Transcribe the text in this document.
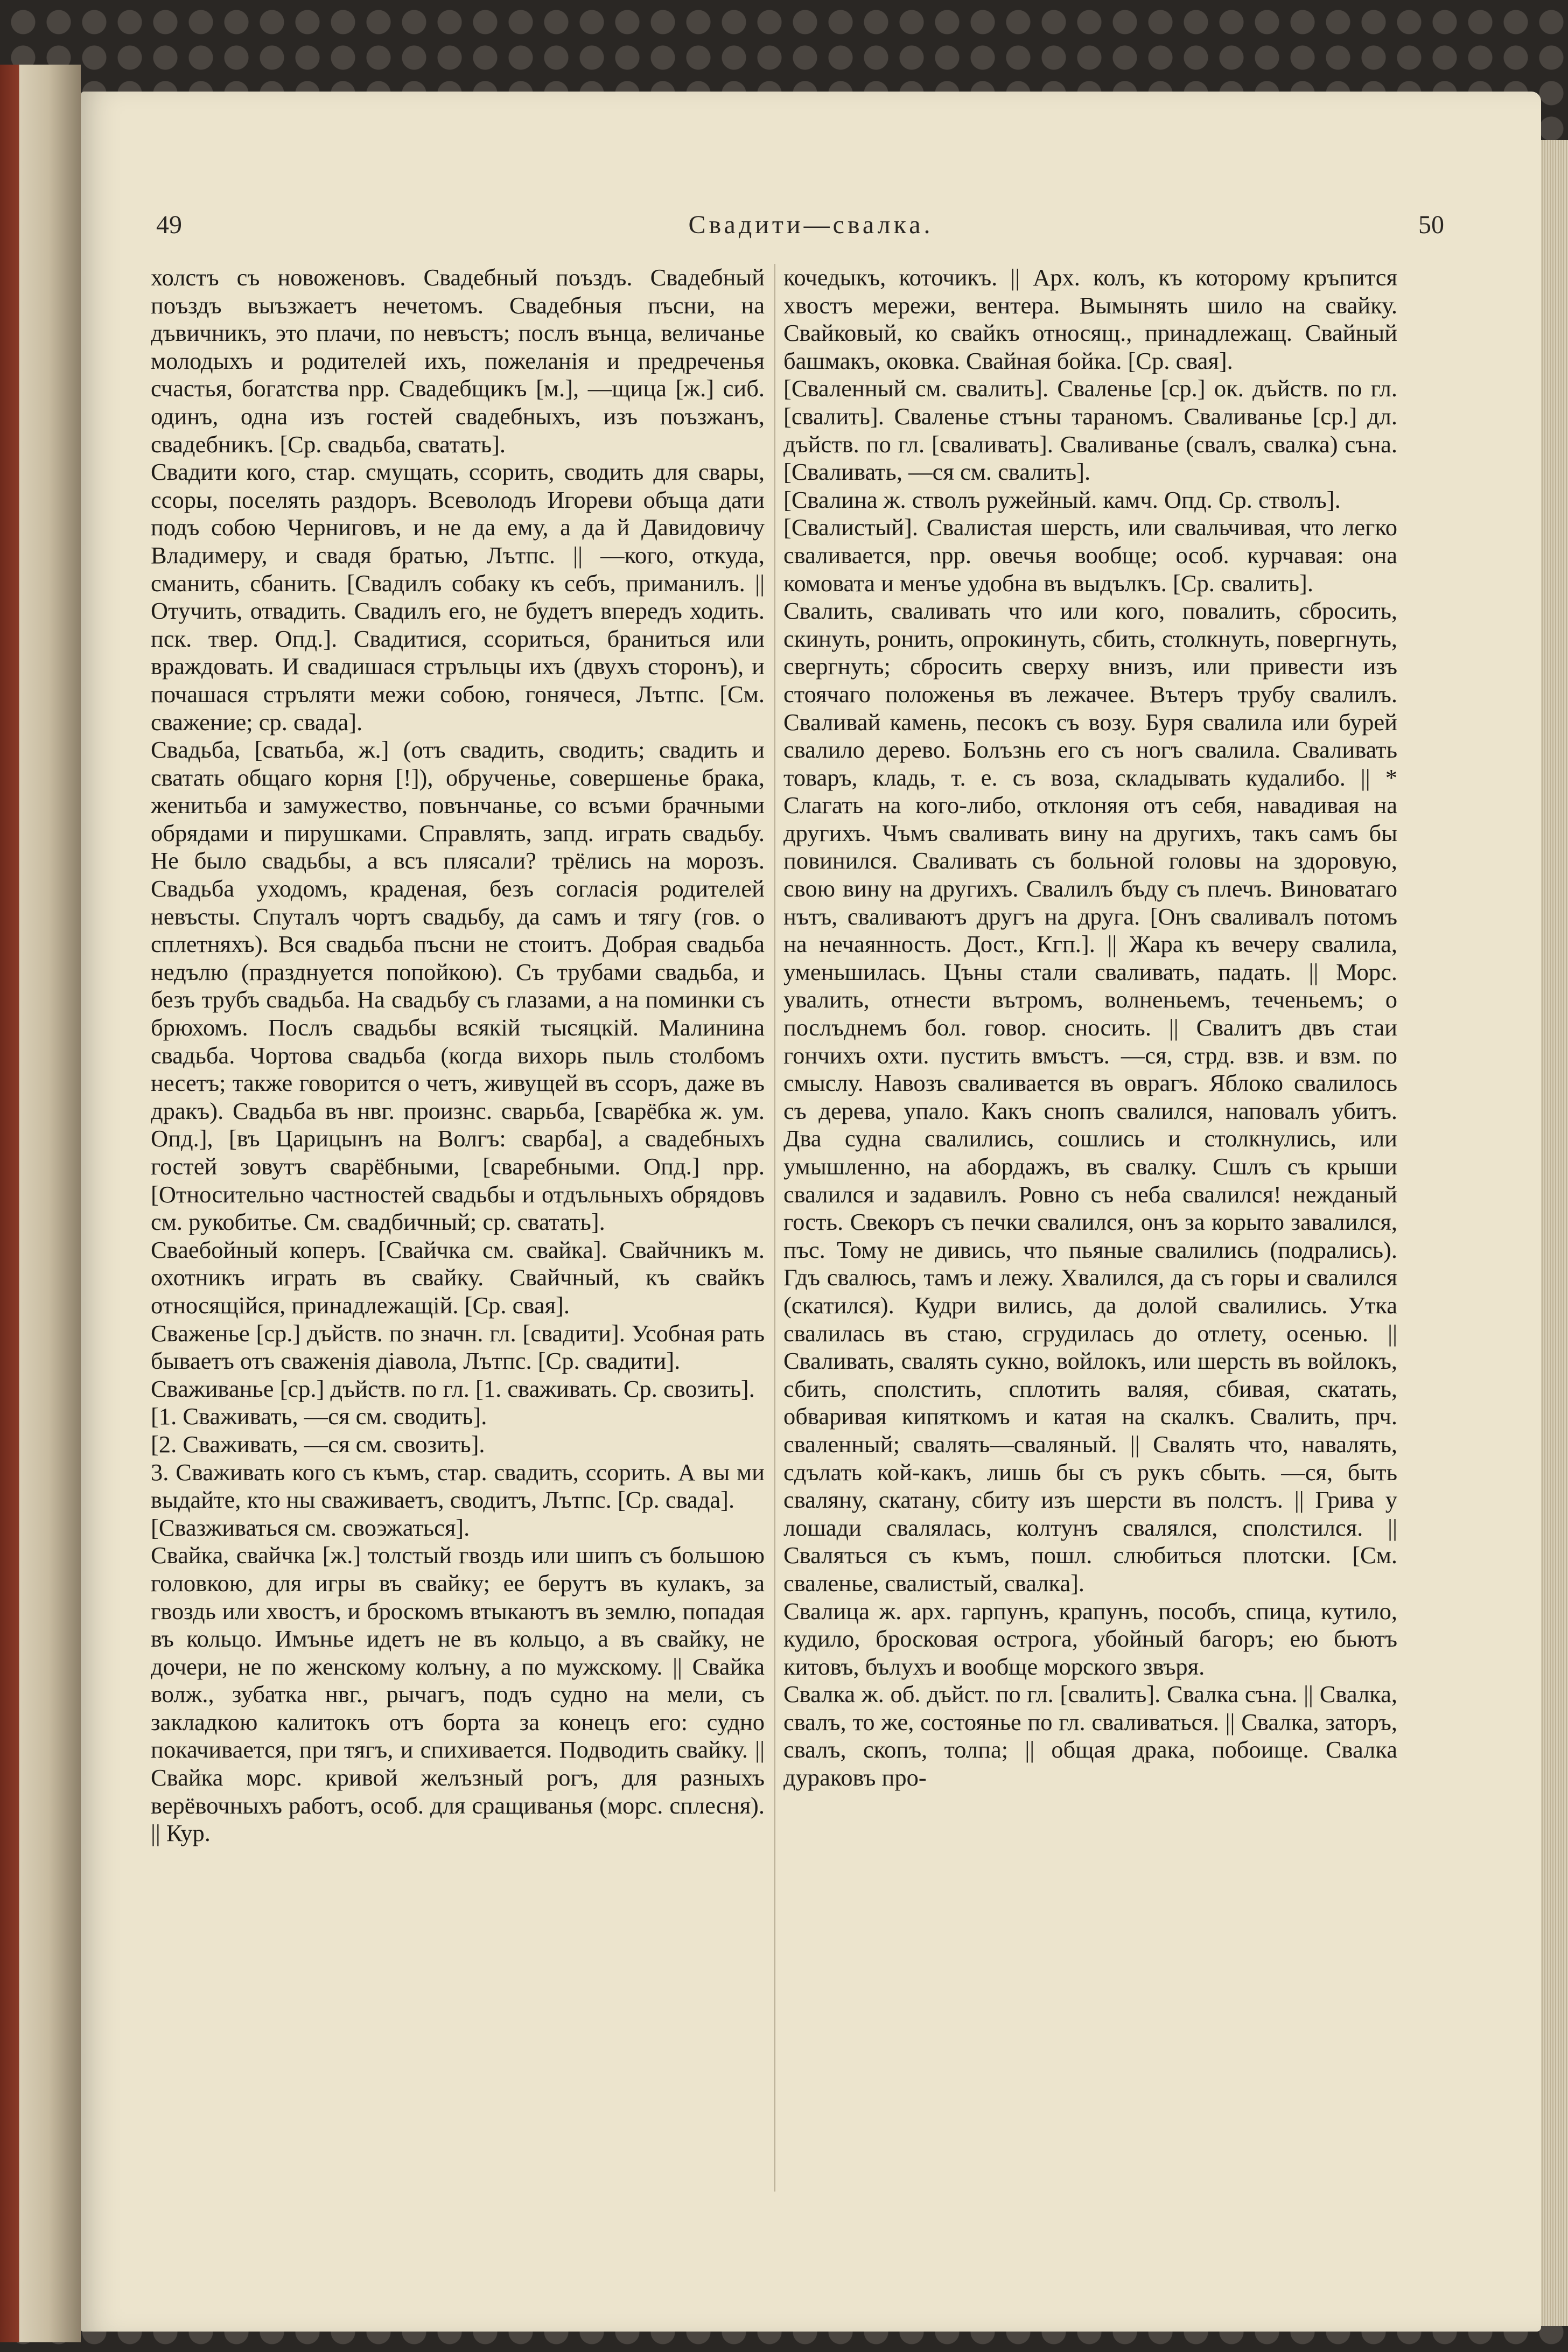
49	Свадити—свалка.	50

холстъ съ новоженовъ. Свадебный поъздъ. Свадебный поъздъ выъзжаетъ нечетомъ. Свадебныя пъсни, на дъвичникъ, это плачи, по невъстъ; послъ вънца, величанье молодыхъ и родителей ихъ, пожеланія и предреченья счастья, богатства npp. Свадебщикъ [м.], —щица [ж.] сиб. одинъ, одна изъ гостей свадебныхъ, изъ поъзжанъ, свадебникъ. [Ср. свадьба, сватать].

Свадити кого, стар. смущать, ссорить, сводить для свары, ссоры, поселять раздоръ. Всеволодъ Игореви объща дати подъ собою Черниговъ, и не да ему, а да й Давидовичу Владимеру, и свадя братью, Лътпс. || —кого, откуда, сманить, сбанить. [Свадилъ собаку къ себъ, приманилъ. || Отучить, отвадить. Свадилъ его, не будетъ впередъ ходить. пск. твер. Опд.]. Свадитися, ссориться, браниться или враждовать. И свадишася стръльцы ихъ (двухъ сторонъ), и почашася стръляти межи собою, гонячеся, Лътпс. [См. сважение; ср. свада].

Свадьба, [сватьба, ж.] (отъ свадить, сводить; свадить и сватать общаго корня [!]), обрученье, совершенье брака, женитьба и замужество, повънчанье, со всъми брачными обрядами и пирушками. Справлять, запд. играть свадьбу. Не было свадьбы, а всъ плясали? трёлись на морозъ. Свадьба уходомъ, краденая, безъ согласія родителей невъсты. Спуталъ чортъ свадьбу, да самъ и тягу (гов. о сплетняхъ). Вся свадьба пъсни не стоитъ. Добрая свадьба недълю (празднуется попойкою). Съ трубами свадьба, и безъ трубъ свадьба. На свадьбу съ глазами, а на поминки съ брюхомъ. Послъ свадьбы всякій тысяцкій. Малинина свадьба. Чортова свадьба (когда вихорь пыль столбомъ несетъ; также говорится о четъ, живущей въ ссоръ, даже въ дракъ). Свадьба въ нвг. произнс. сварьба, [сварёбка ж. ум. Опд.], [въ Царицынъ на Волгъ: сварба], а свадебныхъ гостей зовутъ сварёбными, [сваребными. Опд.] npp. [Относительно частностей свадьбы и отдъльныхъ обрядовъ см. рукобитье. См. свадбичный; ср. сватать].

Сваебойный коперъ. [Свайчка см. свайка]. Свайчникъ м. охотникъ играть въ свайку. Свайчный, къ свайкъ относящійся, принадлежащій. [Ср. свая].

Сваженье [ср.] дъйств. по значн. гл. [свадити]. Усобная рать бываетъ отъ сваженія діавола, Лътпс. [Ср. свадити].

Сваживанье [ср.] дъйств. по гл. [1. сваживать. Ср. свозить].

[1. Сваживать, —ся см. сводить].

[2. Сваживать, —ся см. свозить].

3. Сваживать кого съ къмъ, стар. свадить, ссорить. А вы ми выдайте, кто ны сваживаетъ, сводитъ, Лътпс. [Ср. свада].

[Свазживаться см. своэжаться].

Свайка, свайчка [ж.] толстый гвоздь или шипъ съ большою головкою, для игры въ свайку; ее берутъ въ кулакъ, за гвоздь или хвостъ, и броскомъ втыкаютъ въ землю, попадая въ кольцо. Имънье идетъ не въ кольцо, а въ свайку, не дочери, не по женскому колъну, а по мужскому. || Свайка волж., зубатка нвг., рычагъ, подъ судно на мели, съ закладкою калитокъ отъ борта за конецъ его: судно покачивается, при тягъ, и спихивается. Подводить свайку. || Свайка морс. кривой желъзный рогъ, для разныхъ верёвочныхъ работъ, особ. для сращиванья (морс. сплесня). || Кур.

кочедыкъ, коточикъ. || Арх. колъ, къ которому кръпится хвостъ мережи, вентера. Вымынять шило на свайку. Свайковый, ко свайкъ относящ., принадлежащ. Свайный башмакъ, оковка. Свайная бойка. [Ср. свая].

[Сваленный см. свалить]. Сваленье [ср.] ок. дъйств. по гл. [свалить]. Сваленье стъны тараномъ. Сваливанье [ср.] дл. дъйств. по гл. [сваливать]. Сваливанье (свалъ, свалка) съна. [Сваливать, —ся см. свалить].

[Свалина ж. стволъ ружейный. камч. Опд. Ср. стволъ].

[Свалистый]. Свалистая шерсть, или свальчивая, что легко сваливается, npp. овечья вообще; особ. курчавая: она комовата и менъе удобна въ выдълкъ. [Ср. свалить].

Свалить, сваливать что или кого, повалить, сбросить, скинуть, ронить, опрокинуть, сбить, столкнуть, повергнуть, свергнуть; сбросить сверху внизъ, или привести изъ стоячаго положенья въ лежачее. Вътеръ трубу свалилъ. Сваливай камень, песокъ съ возу. Буря свалила или бурей свалило дерево. Болъзнь его съ ногъ свалила. Сваливать товаръ, кладь, т. е. съ воза, складывать кудалибо. || * Слагать на кого-либо, отклоняя отъ себя, навадивая на другихъ. Чъмъ сваливать вину на другихъ, такъ самъ бы повинился. Сваливать съ больной головы на здоровую, свою вину на другихъ. Свалилъ бъду съ плечъ. Виноватаго нътъ, сваливаютъ другъ на друга. [Онъ сваливалъ потомъ на нечаянность. Дост., Кгп.]. || Жара къ вечеру свалила, уменьшилась. Цъны стали сваливать, падать. || Морс. увалить, отнести вътромъ, волненьемъ, теченьемъ; о послъднемъ бол. говор. сносить. || Свалитъ двъ стаи гончихъ охти. пустить вмъстъ. —ся, стрд. взв. и взм. по смыслу. Навозъ сваливается въ оврагъ. Яблоко свалилось съ дерева, упало. Какъ снопъ свалился, наповалъ убитъ. Два судна свалились, сошлись и столкнулись, или умышленно, на абордажъ, въ свалку. Сшлъ съ крыши свалился и задавилъ. Ровно съ неба свалился! нежданый гость. Свекоръ съ печки свалился, онъ за корыто завалился, пъс. Тому не дивись, что пьяные свалились (подрались). Гдъ свалюсь, тамъ и лежу. Хвалился, да съ горы и свалился (скатился). Кудри вились, да долой свалились. Утка свалилась въ стаю, сгрудилась до отлету, осенью. || Сваливать, свалять сукно, войлокъ, или шерсть въ войлокъ, сбить, сполстить, сплотить валяя, сбивая, скатать, обваривая кипяткомъ и катая на скалкъ. Свалить, прч. сваленный; свалять—сваляный. || Свалять что, навалять, сдълать кой-какъ, лишь бы съ рукъ сбыть. —ся, быть сваляну, скатану, сбиту изъ шерсти въ полстъ. || Грива у лошади свалялась, колтунъ свалялся, сполстился. || Сваляться съ къмъ, пошл. слюбиться плотски. [См. сваленье, свалистый, свалка].

Свалица ж. арх. гарпунъ, крапунъ, пособъ, спица, кутило, кудило, бросковая острога, убойный багоръ; ею бьютъ китовъ, бълухъ и вообще морского звъря.

Свалка ж. об. дъйст. по гл. [свалить]. Свалка съна. || Свалка, свалъ, то же, состоянье по гл. сваливаться. || Свалка, заторъ, свалъ, скопъ, толпа; || общая драка, побоище. Свалка дураковъ про-
